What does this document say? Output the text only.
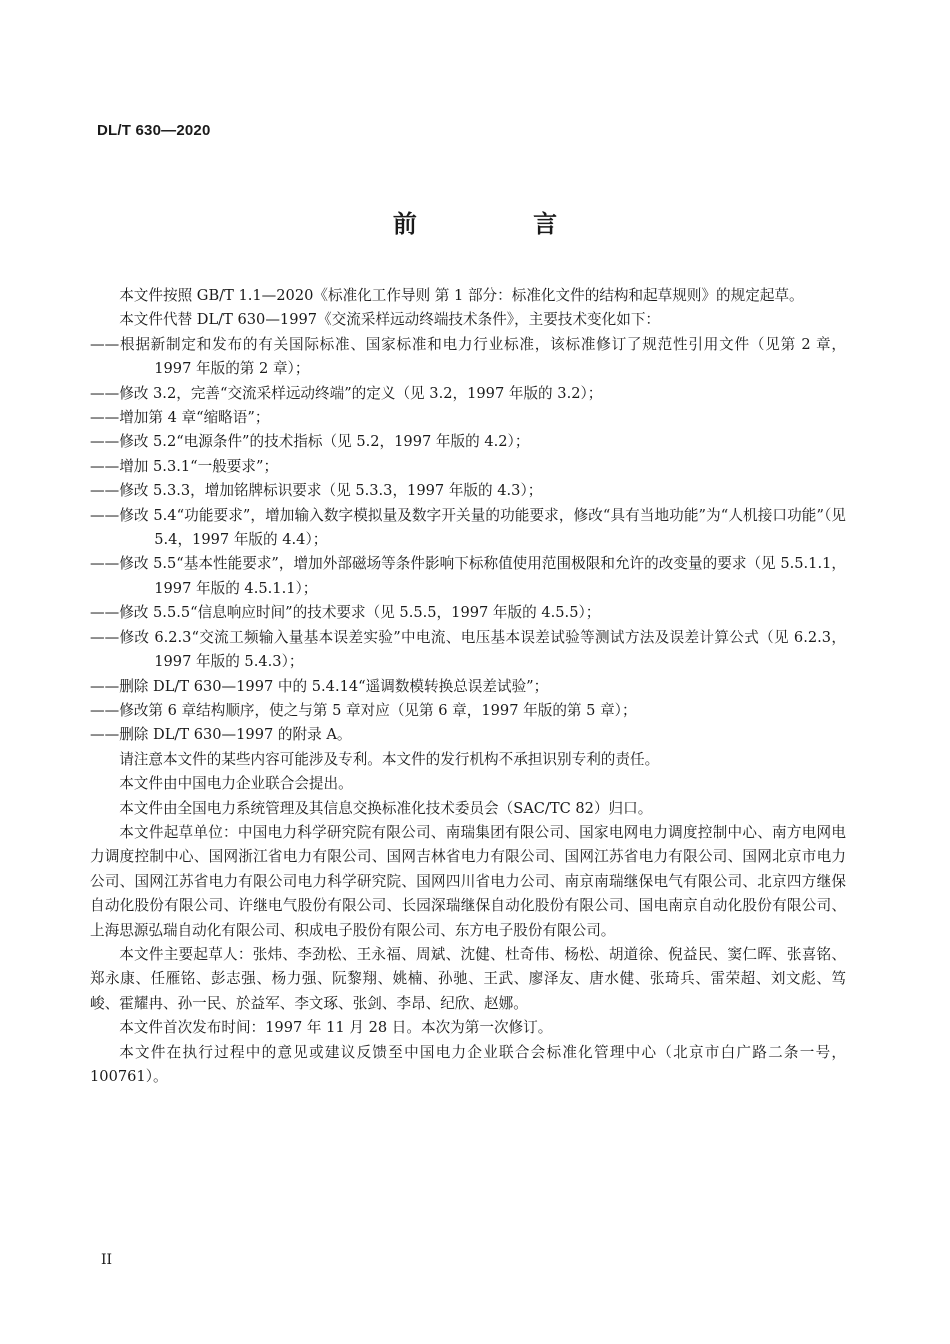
DL/T 630—2020
前 言

本文件按照 GB/T 1.1—2020《标准化工作导则 第 1 部分：标准化文件的结构和起草规则》的规定起草。

本文件代替 DL/T 630—1997《交流采样远动终端技术条件》，主要技术变化如下：

——根据新制定和发布的有关国际标准、国家标准和电力行业标准，该标准修订了规范性引用文件（见第 2 章，1997 年版的第 2 章）；

——修改 3.2，完善“交流采样远动终端”的定义（见 3.2，1997 年版的 3.2）；

——增加第 4 章“缩略语”；

——修改 5.2“电源条件”的技术指标（见 5.2，1997 年版的 4.2）；

——增加 5.3.1“一般要求”；

——修改 5.3.3，增加铭牌标识要求（见 5.3.3，1997 年版的 4.3）；

——修改 5.4“功能要求”，增加输入数字模拟量及数字开关量的功能要求，修改“具有当地功能”为“人机接口功能”（见 5.4，1997 年版的 4.4）；

——修改 5.5“基本性能要求”，增加外部磁场等条件影响下标称值使用范围极限和允许的改变量的要求（见 5.5.1.1，1997 年版的 4.5.1.1）；

——修改 5.5.5“信息响应时间”的技术要求（见 5.5.5，1997 年版的 4.5.5）；

——修改 6.2.3“交流工频输入量基本误差实验”中电流、电压基本误差试验等测试方法及误差计算公式（见 6.2.3，1997 年版的 5.4.3）；

——删除 DL/T 630—1997 中的 5.4.14“遥调数模转换总误差试验”；

——修改第 6 章结构顺序，使之与第 5 章对应（见第 6 章，1997 年版的第 5 章）；

——删除 DL/T 630—1997 的附录 A。

请注意本文件的某些内容可能涉及专利。本文件的发行机构不承担识别专利的责任。

本文件由中国电力企业联合会提出。

本文件由全国电力系统管理及其信息交换标准化技术委员会（SAC/TC 82）归口。

本文件起草单位：中国电力科学研究院有限公司、南瑞集团有限公司、国家电网电力调度控制中心、南方电网电力调度控制中心、国网浙江省电力有限公司、国网吉林省电力有限公司、国网江苏省电力有限公司、国网北京市电力公司、国网江苏省电力有限公司电力科学研究院、国网四川省电力公司、南京南瑞继保电气有限公司、北京四方继保自动化股份有限公司、许继电气股份有限公司、长园深瑞继保自动化股份有限公司、国电南京自动化股份有限公司、上海思源弘瑞自动化有限公司、积成电子股份有限公司、东方电子股份有限公司。

本文件主要起草人：张炜、李劲松、王永福、周斌、沈健、杜奇伟、杨松、胡道徐、倪益民、窦仁晖、张喜铭、郑永康、任雁铭、彭志强、杨力强、阮黎翔、姚楠、孙驰、王武、廖泽友、唐水健、张琦兵、雷荣超、刘文彪、笃峻、霍耀冉、孙一民、於益军、李文琢、张剑、李昂、纪欣、赵娜。

本文件首次发布时间：1997 年 11 月 28 日。本次为第一次修订。

本文件在执行过程中的意见或建议反馈至中国电力企业联合会标准化管理中心（北京市白广路二条一号，100761）。

II
